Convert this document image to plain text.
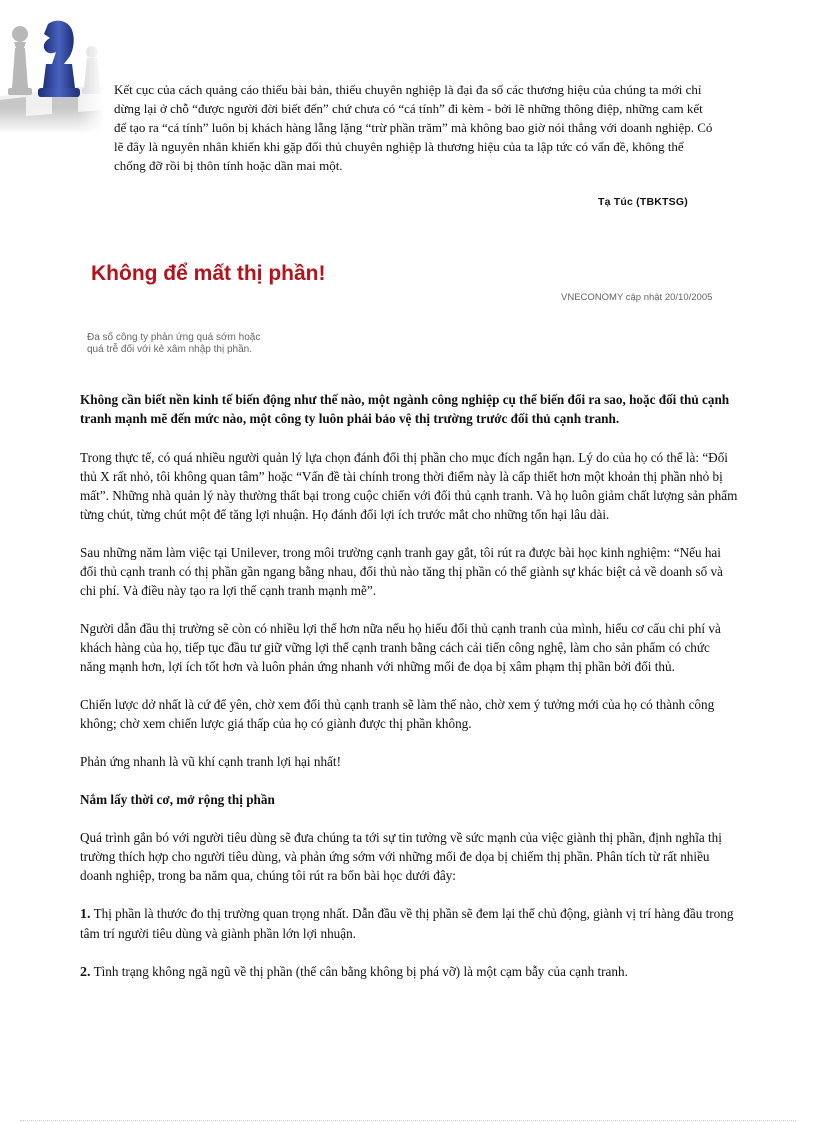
Kết cục của cách quảng cáo thiếu bài bản, thiếu chuyên nghiệp là đại đa số các thương hiệu của chúng ta mới chỉ dừng lại ở chỗ “được người đời biết đến” chứ chưa có “cá tính” đi kèm - bởi lẽ những thông điệp, những cam kết để tạo ra “cá tính” luôn bị khách hàng lẵng lặng “trừ phần trăm” mà không bao giờ nói thẳng với doanh nghiệp. Có lẽ đây là nguyên nhân khiến khi gặp đối thủ chuyên nghiệp là thương hiệu của ta lập tức có vấn đề, không thể chống đỡ rồi bị thôn tính hoặc dần mai một.

Tạ Túc (TBKTSG)
Không để mất thị phần!
VNECONOMY cập nhật 20/10/2005
Đa số công ty phản ứng quá sớm hoặc quá trễ đối với kẻ xâm nhập thị phần.

Không cần biết nền kinh tế biến động như thế nào, một ngành công nghiệp cụ thể biến đổi ra sao, hoặc đối thủ cạnh tranh mạnh mẽ đến mức nào, một công ty luôn phải bảo vệ thị trường trước đối thủ cạnh tranh.

Trong thực tế, có quá nhiều người quản lý lựa chọn đánh đổi thị phần cho mục đích ngắn hạn. Lý do của họ có thể là: “Đối thủ X rất nhỏ, tôi không quan tâm” hoặc “Vấn đề tài chính trong thời điểm này là cấp thiết hơn một khoản thị phần nhỏ bị mất”. Những nhà quản lý này thường thất bại trong cuộc chiến với đối thủ cạnh tranh. Và họ luôn giảm chất lượng sản phẩm từng chút, từng chút một để tăng lợi nhuận. Họ đánh đổi lợi ích trước mắt cho những tổn hại lâu dài.

Sau những năm làm việc tại Unilever, trong môi trường cạnh tranh gay gắt, tôi rút ra được bài học kinh nghiệm: “Nếu hai đối thủ cạnh tranh có thị phần gần ngang bằng nhau, đối thủ nào tăng thị phần có thể giành sự khác biệt cả về doanh số và chi phí. Và điều này tạo ra lợi thế cạnh tranh mạnh mẽ”.

Người dẫn đầu thị trường sẽ còn có nhiều lợi thế hơn nữa nếu họ hiểu đối thủ cạnh tranh của mình, hiểu cơ cấu chi phí và khách hàng của họ, tiếp tục đầu tư giữ vững lợi thế cạnh tranh bằng cách cải tiến công nghệ, làm cho sản phẩm có chức năng mạnh hơn, lợi ích tốt hơn và luôn phản ứng nhanh với những mối đe dọa bị xâm phạm thị phần bởi đối thủ.

Chiến lược dở nhất là cứ để yên, chờ xem đối thủ cạnh tranh sẽ làm thế nào, chờ xem ý tưởng mới của họ có thành công không; chờ xem chiến lược giá thấp của họ có giành được thị phần không.

Phản ứng nhanh là vũ khí cạnh tranh lợi hại nhất!

Nắm lấy thời cơ, mở rộng thị phần

Quá trình gắn bó với người tiêu dùng sẽ đưa chúng ta tới sự tin tưởng về sức mạnh của việc giành thị phần, định nghĩa thị trường thích hợp cho người tiêu dùng, và phản ứng sớm với những mối đe dọa bị chiếm thị phần. Phân tích từ rất nhiều doanh nghiệp, trong ba năm qua, chúng tôi rút ra bốn bài học dưới đây:

1. Thị phần là thước đo thị trường quan trọng nhất. Dẫn đầu về thị phần sẽ đem lại thế chủ động, giành vị trí hàng đầu trong tâm trí người tiêu dùng và giành phần lớn lợi nhuận.

2. Tình trạng không ngã ngũ về thị phần (thế cân bằng không bị phá vỡ) là một cạm bẫy của cạnh tranh.
